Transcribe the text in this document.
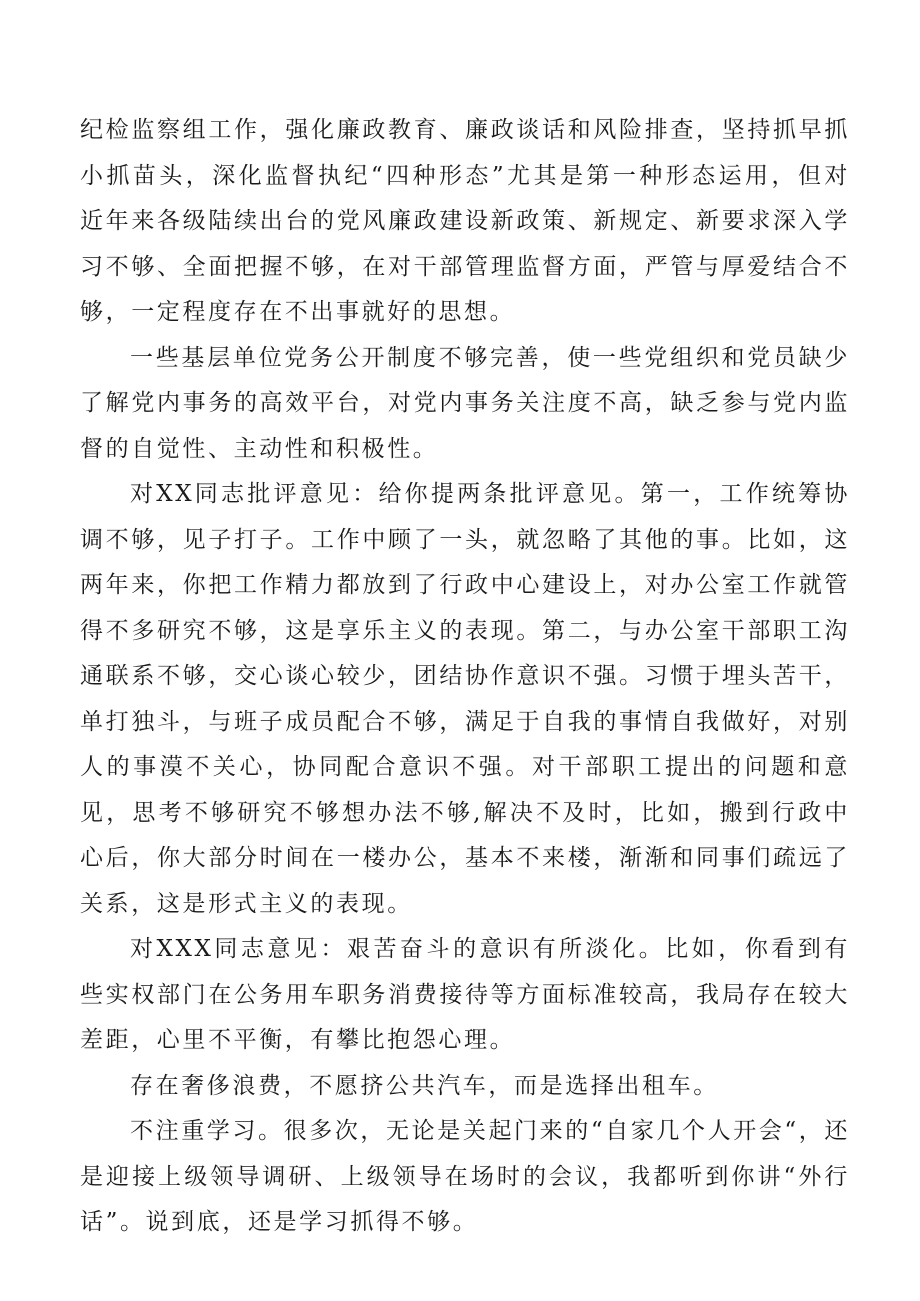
纪检监察组工作，强化廉政教育、廉政谈话和风险排查，坚持抓早抓小抓苗头，深化监督执纪“四种形态”尤其是第一种形态运用，但对近年来各级陆续出台的党风廉政建设新政策、新规定、新要求深入学习不够、全面把握不够，在对干部管理监督方面，严管与厚爱结合不够，一定程度存在不出事就好的思想。

一些基层单位党务公开制度不够完善，使一些党组织和党员缺少了解党内事务的高效平台，对党内事务关注度不高，缺乏参与党内监督的自觉性、主动性和积极性。

对XX同志批评意见：给你提两条批评意见。第一，工作统筹协调不够，见子打子。工作中顾了一头，就忽略了其他的事。比如，这两年来，你把工作精力都放到了行政中心建设上，对办公室工作就管得不多研究不够，这是享乐主义的表现。第二，与办公室干部职工沟通联系不够，交心谈心较少，团结协作意识不强。习惯于埋头苦干，单打独斗，与班子成员配合不够，满足于自我的事情自我做好，对别人的事漠不关心，协同配合意识不强。对干部职工提出的问题和意见，思考不够研究不够想办法不够,解决不及时，比如，搬到行政中心后，你大部分时间在一楼办公，基本不来楼，渐渐和同事们疏远了关系，这是形式主义的表现。

对XXX同志意见：艰苦奋斗的意识有所淡化。比如，你看到有些实权部门在公务用车职务消费接待等方面标准较高，我局存在较大差距，心里不平衡，有攀比抱怨心理。

存在奢侈浪费，不愿挤公共汽车，而是选择出租车。

不注重学习。很多次，无论是关起门来的“自家几个人开会“，还是迎接上级领导调研、上级领导在场时的会议，我都听到你讲“外行话”。说到底，还是学习抓得不够。
